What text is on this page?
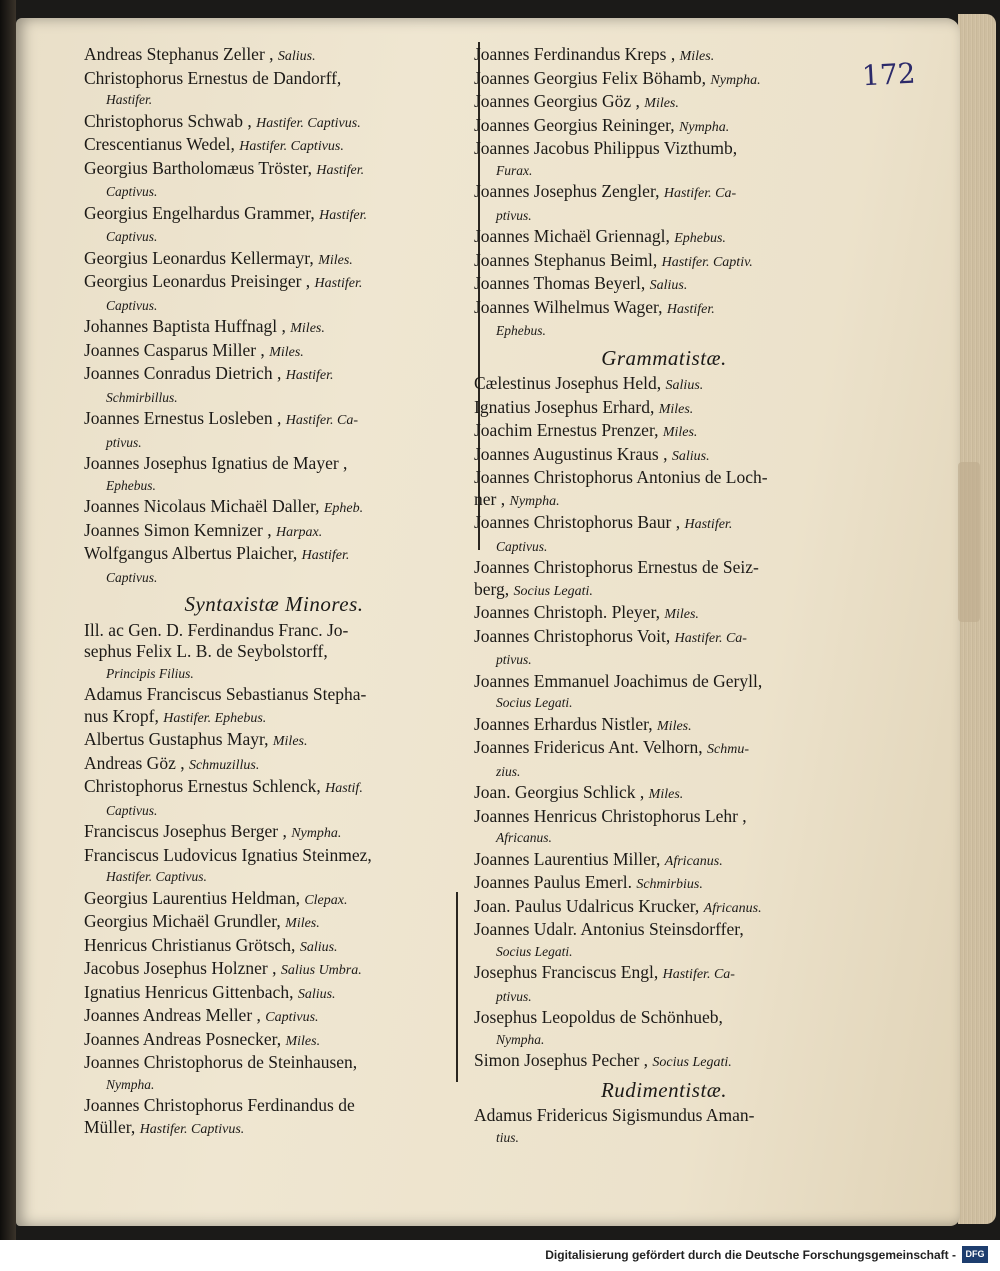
172
Andreas Stephanus Zeller , Salius.
Christophorus Ernestus de Dandorff,
Hastifer.
Christophorus Schwab , Hastifer. Captivus.
Crescentianus Wedel, Hastifer. Captivus.
Georgius Bartholomæus Tröster, Hastifer.
Captivus.
Georgius Engelhardus Grammer, Hastifer.
Captivus.
Georgius Leonardus Kellermayr, Miles.
Georgius Leonardus Preisinger , Hastifer.
Captivus.
Johannes Baptista Huffnagl , Miles.
Joannes Casparus Miller , Miles.
Joannes Conradus Dietrich , Hastifer.
Schmirbillus.
Joannes Ernestus Losleben , Hastifer. Ca-
ptivus.
Joannes Josephus Ignatius de Mayer ,
Ephebus.
Joannes Nicolaus Michaël Daller, Epheb.
Joannes Simon Kemnizer , Harpax.
Wolfgangus Albertus Plaicher, Hastifer.
Captivus.
Syntaxistæ Minores.
Ill. ac Gen. D. Ferdinandus Franc. Jo-
sephus Felix L. B. de Seybolstorff,
Principis Filius.
Adamus Franciscus Sebastianus Stepha-
nus Kropf, Hastifer. Ephebus.
Albertus Gustaphus Mayr, Miles.
Andreas Göz , Schmuzillus.
Christophorus Ernestus Schlenck, Hastif.
Captivus.
Franciscus Josephus Berger , Nympha.
Franciscus Ludovicus Ignatius Steinmez,
Hastifer. Captivus.
Georgius Laurentius Heldman, Clepax.
Georgius Michaël Grundler, Miles.
Henricus Christianus Grötsch, Salius.
Jacobus Josephus Holzner , Salius Umbra.
Ignatius Henricus Gittenbach, Salius.
Joannes Andreas Meller , Captivus.
Joannes Andreas Posnecker, Miles.
Joannes Christophorus de Steinhausen,
Nympha.
Joannes Christophorus Ferdinandus de
Müller, Hastifer. Captivus.
Joannes Ferdinandus Kreps , Miles.
Joannes Georgius Felix Böhamb, Nympha.
Joannes Georgius Göz , Miles.
Joannes Georgius Reininger, Nympha.
Joannes Jacobus Philippus Vizthumb,
Furax.
Joannes Josephus Zengler, Hastifer. Ca-
ptivus.
Joannes Michaël Griennagl, Ephebus.
Joannes Stephanus Beiml, Hastifer. Captiv.
Joannes Thomas Beyerl, Salius.
Joannes Wilhelmus Wager, Hastifer.
Ephebus.
Grammatistæ.
Cælestinus Josephus Held, Salius.
Ignatius Josephus Erhard, Miles.
Joachim Ernestus Prenzer, Miles.
Joannes Augustinus Kraus , Salius.
Joannes Christophorus Antonius de Loch-
ner , Nympha.
Joannes Christophorus Baur , Hastifer.
Captivus.
Joannes Christophorus Ernestus de Seiz-
berg, Socius Legati.
Joannes Christoph. Pleyer, Miles.
Joannes Christophorus Voit, Hastifer. Ca-
ptivus.
Joannes Emmanuel Joachimus de Geryll,
Socius Legati.
Joannes Erhardus Nistler, Miles.
Joannes Fridericus Ant. Velhorn, Schmu-
zius.
Joan. Georgius Schlick , Miles.
Joannes Henricus Christophorus Lehr ,
Africanus.
Joannes Laurentius Miller, Africanus.
Joannes Paulus Emerl. Schmirbius.
Joan. Paulus Udalricus Krucker, Africanus.
Joannes Udalr. Antonius Steinsdorffer,
Socius Legati.
Josephus Franciscus Engl, Hastifer. Ca-
ptivus.
Josephus Leopoldus de Schönhueb,
Nympha.
Simon Josephus Pecher , Socius Legati.
Rudimentistæ.
Adamus Fridericus Sigismundus Aman-
tius.
Digitalisierung gefördert durch die Deutsche Forschungsgemeinschaft -	DFG
